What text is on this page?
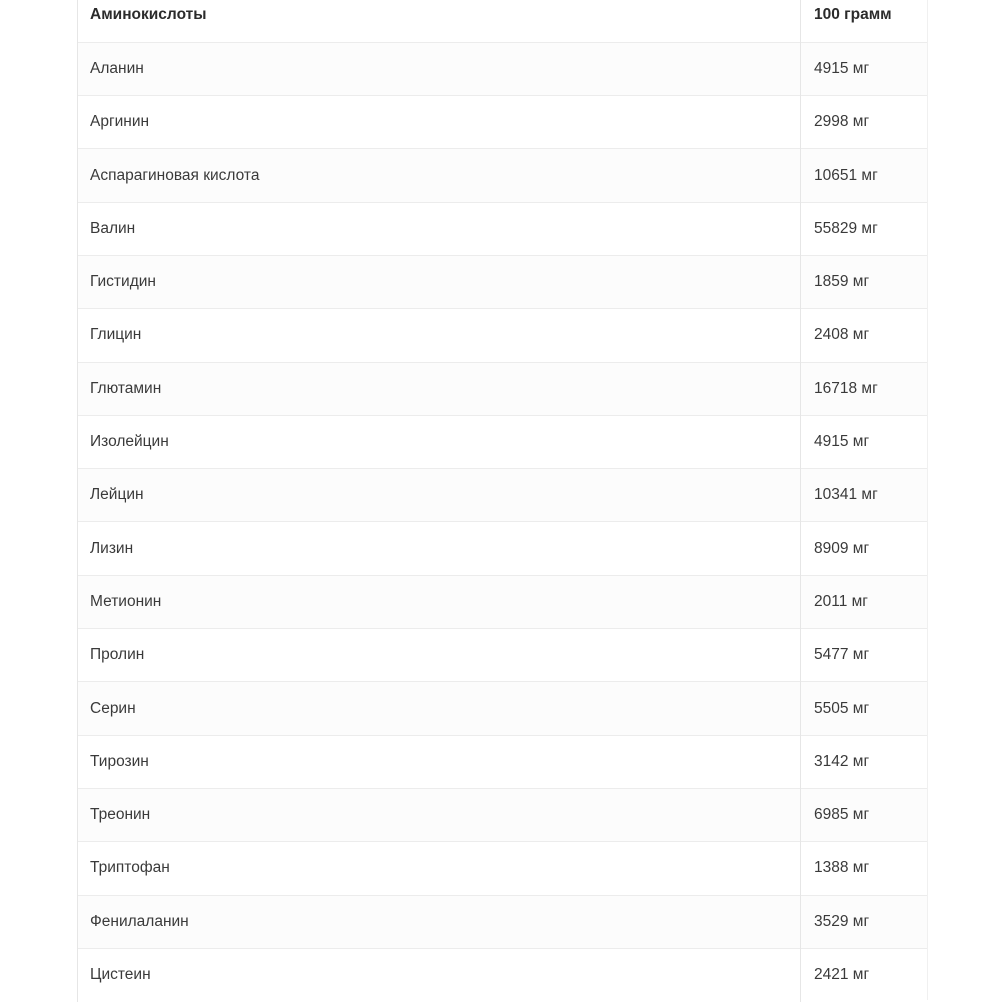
Аминокислоты	100 грамм
Аланин	4915 мг
Аргинин	2998 мг
Аспарагиновая кислота	10651 мг
Валин	55829 мг
Гистидин	1859 мг
Глицин	2408 мг
Глютамин	16718 мг
Изолейцин	4915 мг
Лейцин	10341 мг
Лизин	8909 мг
Метионин	2011 мг
Пролин	5477 мг
Серин	5505 мг
Тирозин	3142 мг
Треонин	6985 мг
Триптофан	1388 мг
Фенилаланин	3529 мг
Цистеин	2421 мг
